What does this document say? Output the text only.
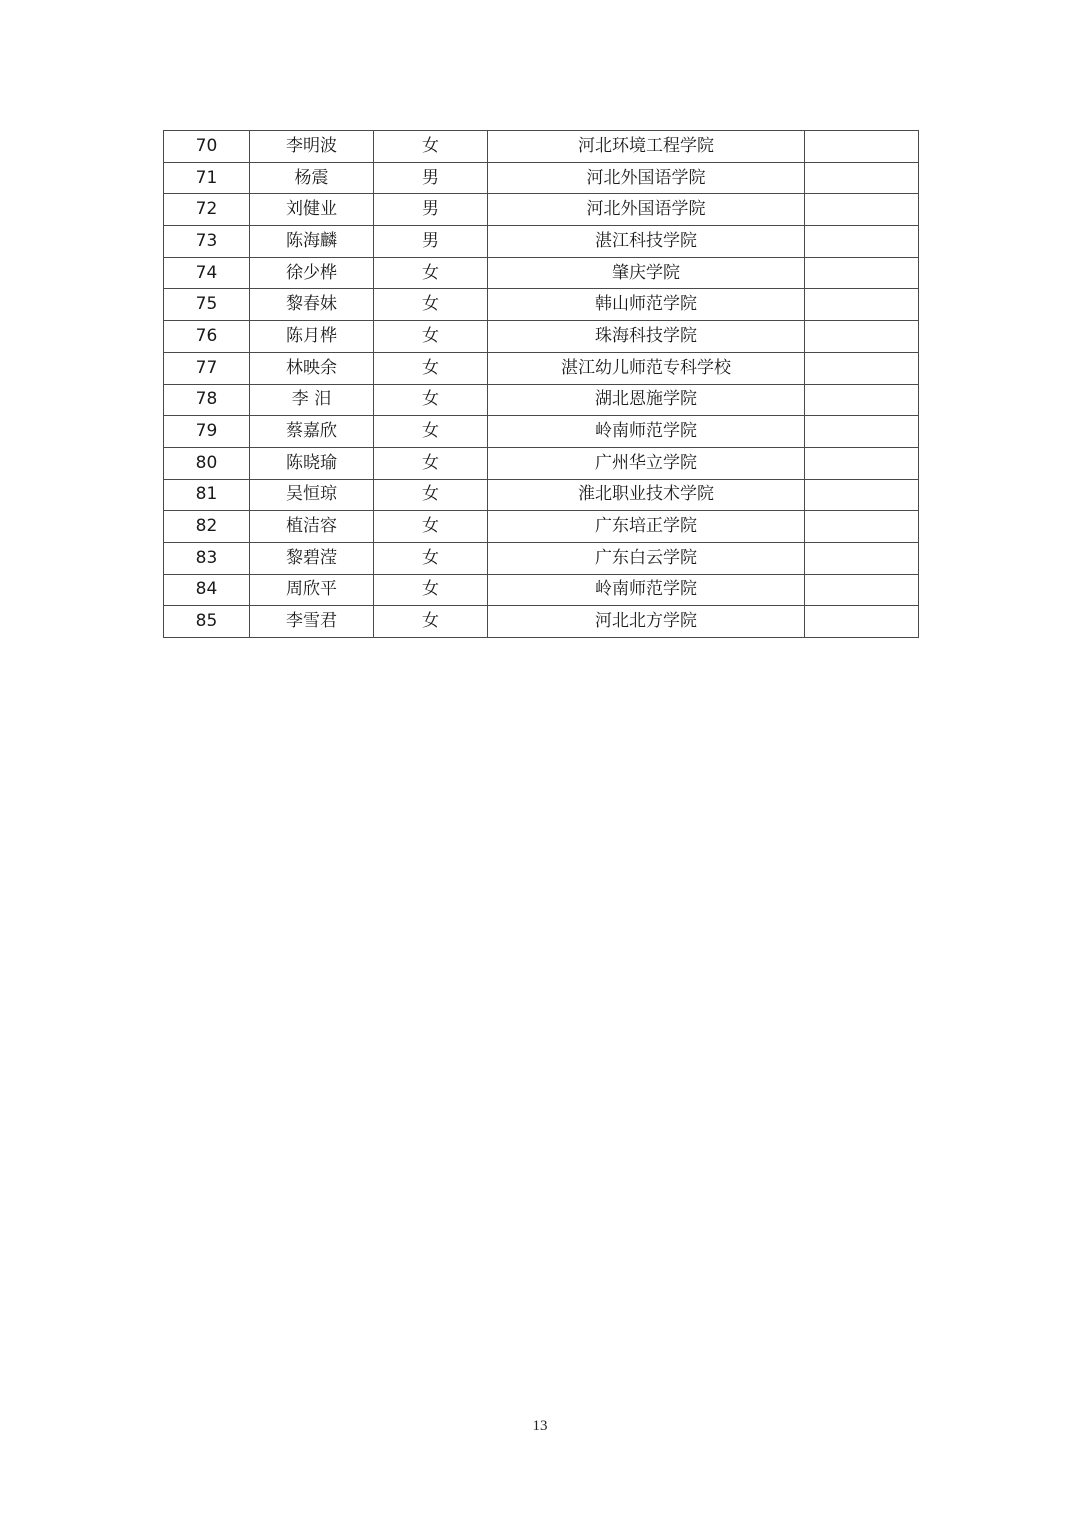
70	李明波	女	河北环境工程学院	
71	杨震	男	河北外国语学院	
72	刘健业	男	河北外国语学院	
73	陈海麟	男	湛江科技学院	
74	徐少桦	女	肇庆学院	
75	黎春妹	女	韩山师范学院	
76	陈月桦	女	珠海科技学院	
77	林映余	女	湛江幼儿师范专科学校	
78	李 汨	女	湖北恩施学院	
79	蔡嘉欣	女	岭南师范学院	
80	陈晓瑜	女	广州华立学院	
81	吴恒琼	女	淮北职业技术学院	
82	植洁容	女	广东培正学院	
83	黎碧滢	女	广东白云学院	
84	周欣平	女	岭南师范学院	
85	李雪君	女	河北北方学院	
13
